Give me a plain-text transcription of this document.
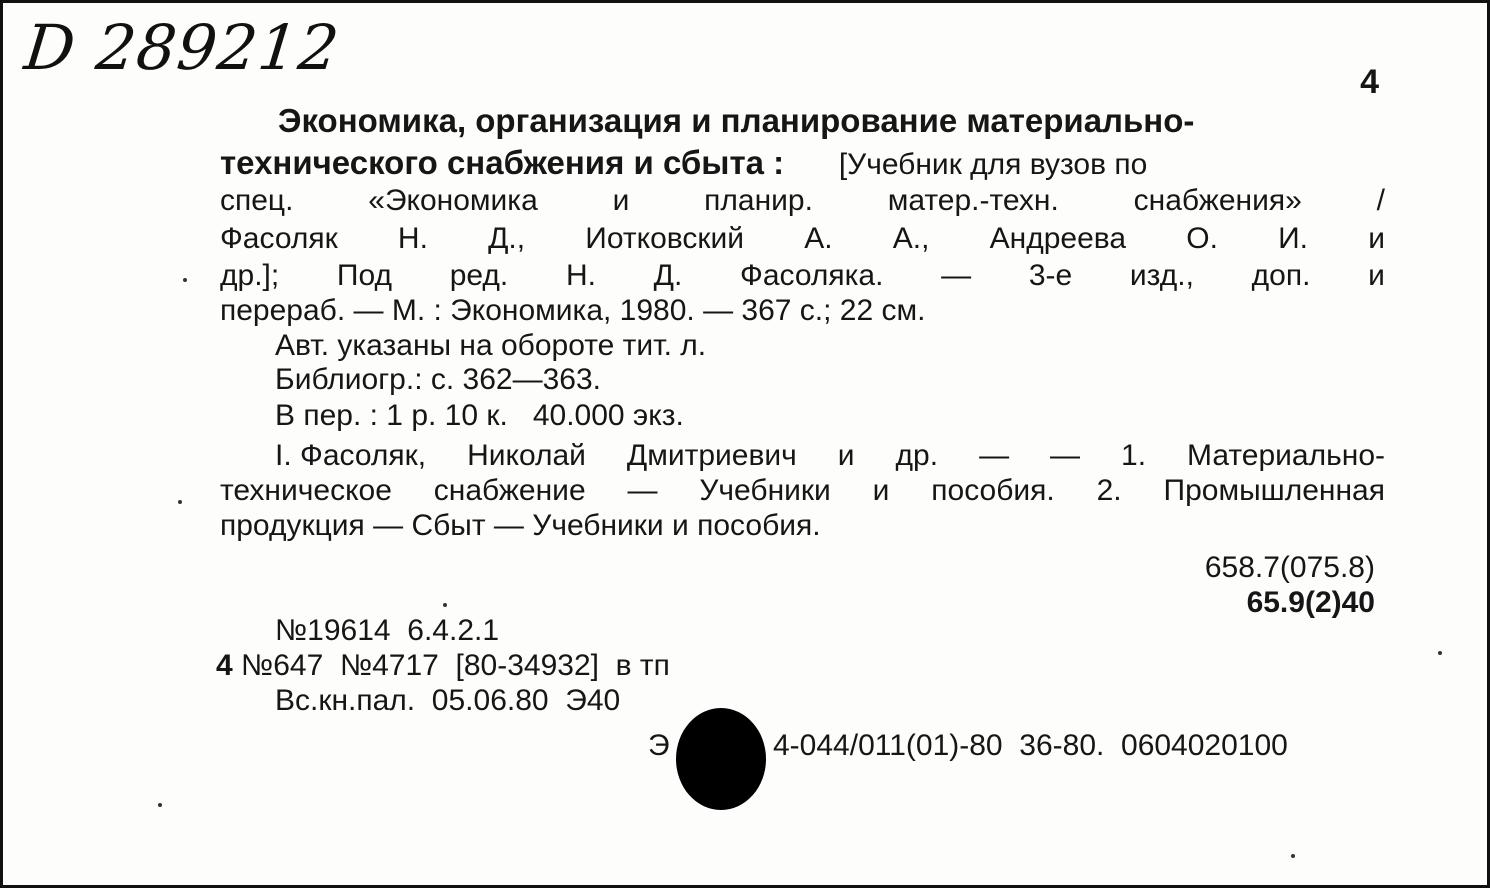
D 289212	4
Экономика, организация и планирование материально-
технического снабжения и сбыта : [Учебник для вузов по
спец. «Экономика и планир. матер.-техн. снабжения» /
Фасоляк Н. Д., Иотковский А. А., Андреева О. И. и
др.]; Под ред. Н. Д. Фасоляка. — 3-е изд., доп. и
перераб. — М. : Экономика, 1980. — 367 с.; 22 см.
Авт. указаны на обороте тит. л.
Библиогр.: с. 362—363.
В пер. : 1 р. 10 к.   40.000 экз.
I. Фасоляк, Николай Дмитриевич и др. — — 1. Материально-
техническое снабжение — Учебники и пособия. 2. Промышленная
продукция — Сбыт — Учебники и пособия.
658.7(075.8)
65.9(2)40
№19614  6.4.2.1
4 №647  №4717  [80-34932]  в тп
Вс.кн.пал.  05.06.80  Э40
Э	4-044/011(01)-80  36-80.  0604020100
